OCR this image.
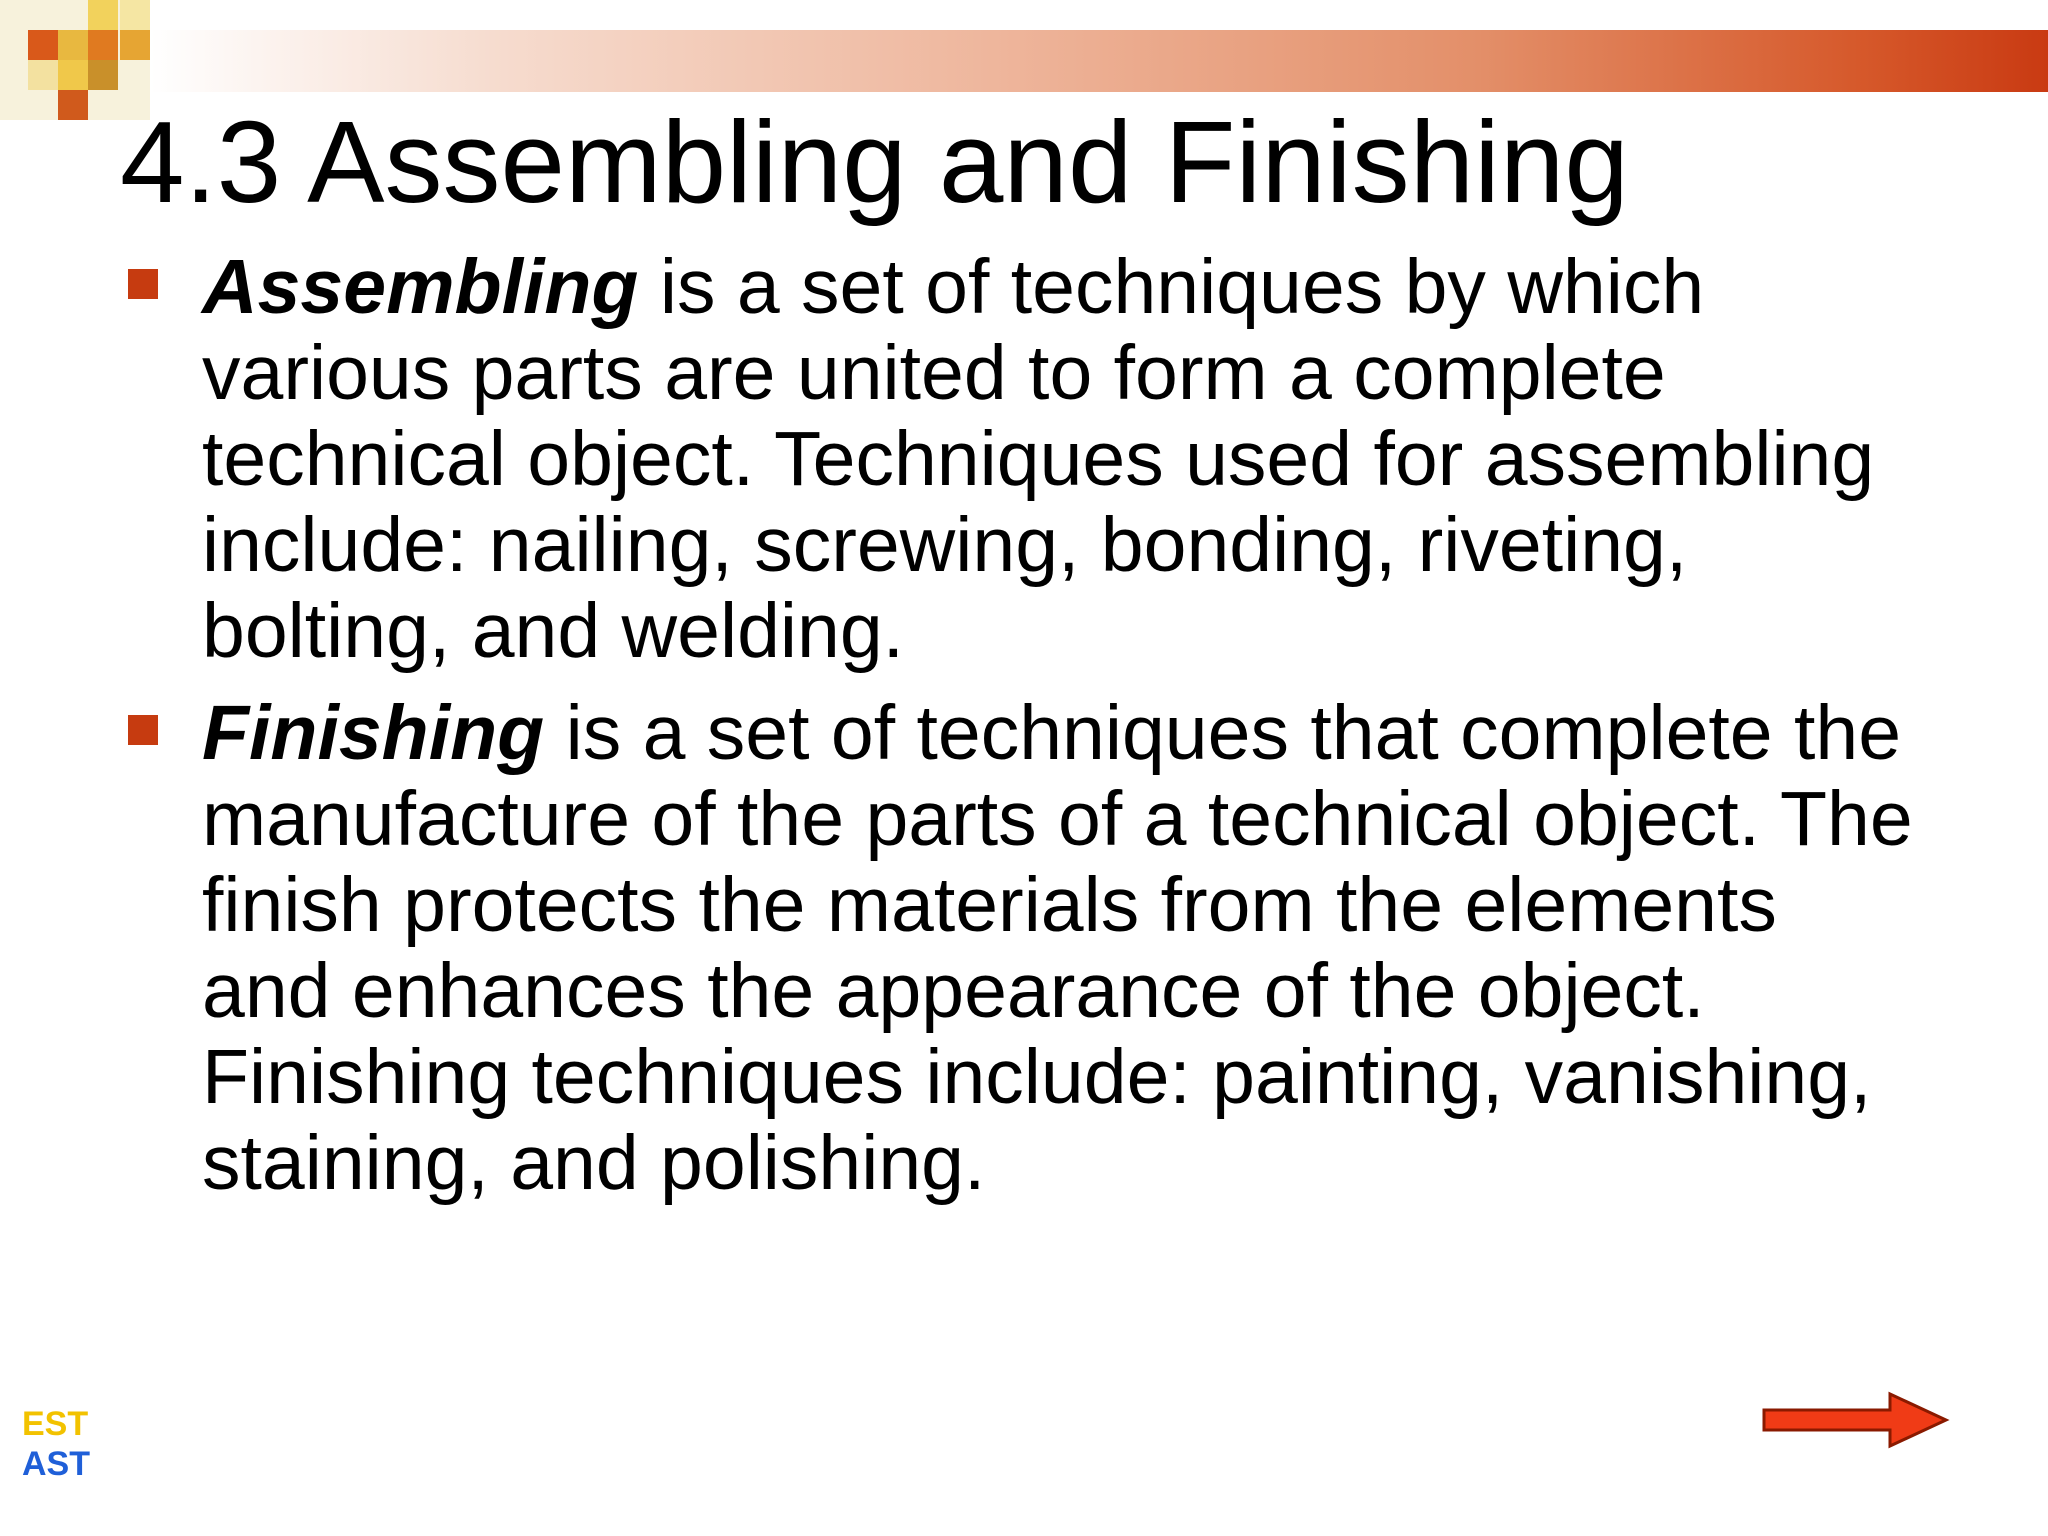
4.3 Assembling and Finishing
Assembling is a set of techniques by which various parts are united to form a complete technical object. Techniques used for assembling include: nailing, screwing, bonding, riveting, bolting, and welding.
Finishing is a set of techniques that complete the manufacture of the parts of a technical object. The finish protects the materials from the elements and enhances the appearance of the object. Finishing techniques include: painting, vanishing, staining, and polishing.
EST
AST
